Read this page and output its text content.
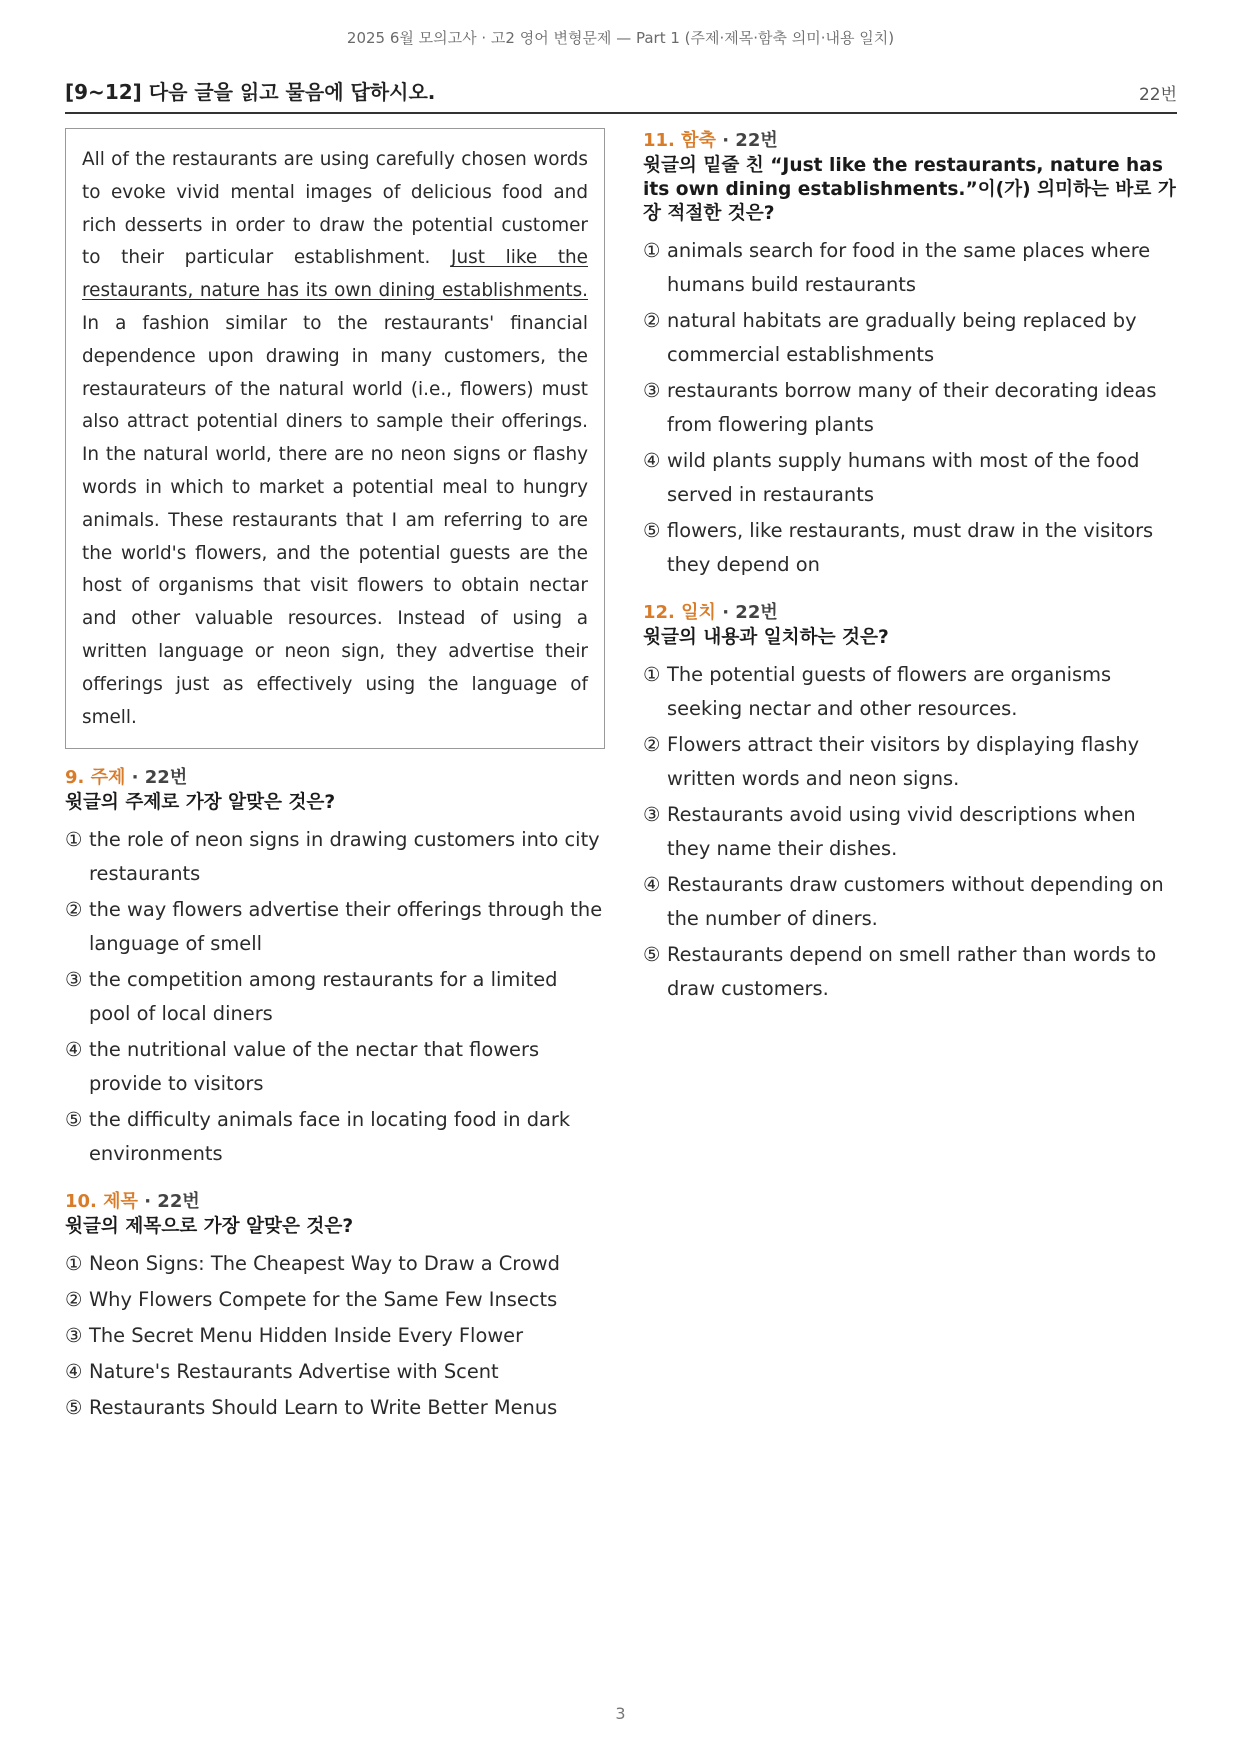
2025 6월 모의고사 · 고2 영어 변형문제 — Part 1 (주제·제목·함축 의미·내용 일치)
[9~12] 다음 글을 읽고 물음에 답하시오.	22번
All of the restaurants are using carefully chosen words to evoke vivid mental images of delicious food and rich desserts in order to draw the potential customer to their particular establishment. Just like the restaurants, nature has its own dining establishments. In a fashion similar to the restaurants' financial dependence upon drawing in many customers, the restaurateurs of the natural world (i.e., flowers) must also attract potential diners to sample their offerings. In the natural world, there are no neon signs or flashy words in which to market a potential meal to hungry animals. These restaurants that I am referring to are the world's flowers, and the potential guests are the host of organisms that visit flowers to obtain nectar and other valuable resources. Instead of using a written language or neon sign, they advertise their offerings just as effectively using the language of smell.
9. 주제 · 22번
윗글의 주제로 가장 알맞은 것은?
① the role of neon signs in drawing customers into city restaurants
② the way flowers advertise their offerings through the language of smell
③ the competition among restaurants for a limited pool of local diners
④ the nutritional value of the nectar that flowers provide to visitors
⑤ the difficulty animals face in locating food in dark environments
10. 제목 · 22번
윗글의 제목으로 가장 알맞은 것은?
① Neon Signs: The Cheapest Way to Draw a Crowd
② Why Flowers Compete for the Same Few Insects
③ The Secret Menu Hidden Inside Every Flower
④ Nature's Restaurants Advertise with Scent
⑤ Restaurants Should Learn to Write Better Menus
11. 함축 · 22번
윗글의 밑줄 친 “Just like the restaurants, nature has its own dining establishments.”이(가) 의미하는 바로 가장 적절한 것은?
① animals search for food in the same places where humans build restaurants
② natural habitats are gradually being replaced by commercial establishments
③ restaurants borrow many of their decorating ideas from flowering plants
④ wild plants supply humans with most of the food served in restaurants
⑤ flowers, like restaurants, must draw in the visitors they depend on
12. 일치 · 22번
윗글의 내용과 일치하는 것은?
① The potential guests of flowers are organisms seeking nectar and other resources.
② Flowers attract their visitors by displaying flashy written words and neon signs.
③ Restaurants avoid using vivid descriptions when they name their dishes.
④ Restaurants draw customers without depending on the number of diners.
⑤ Restaurants depend on smell rather than words to draw customers.
3
